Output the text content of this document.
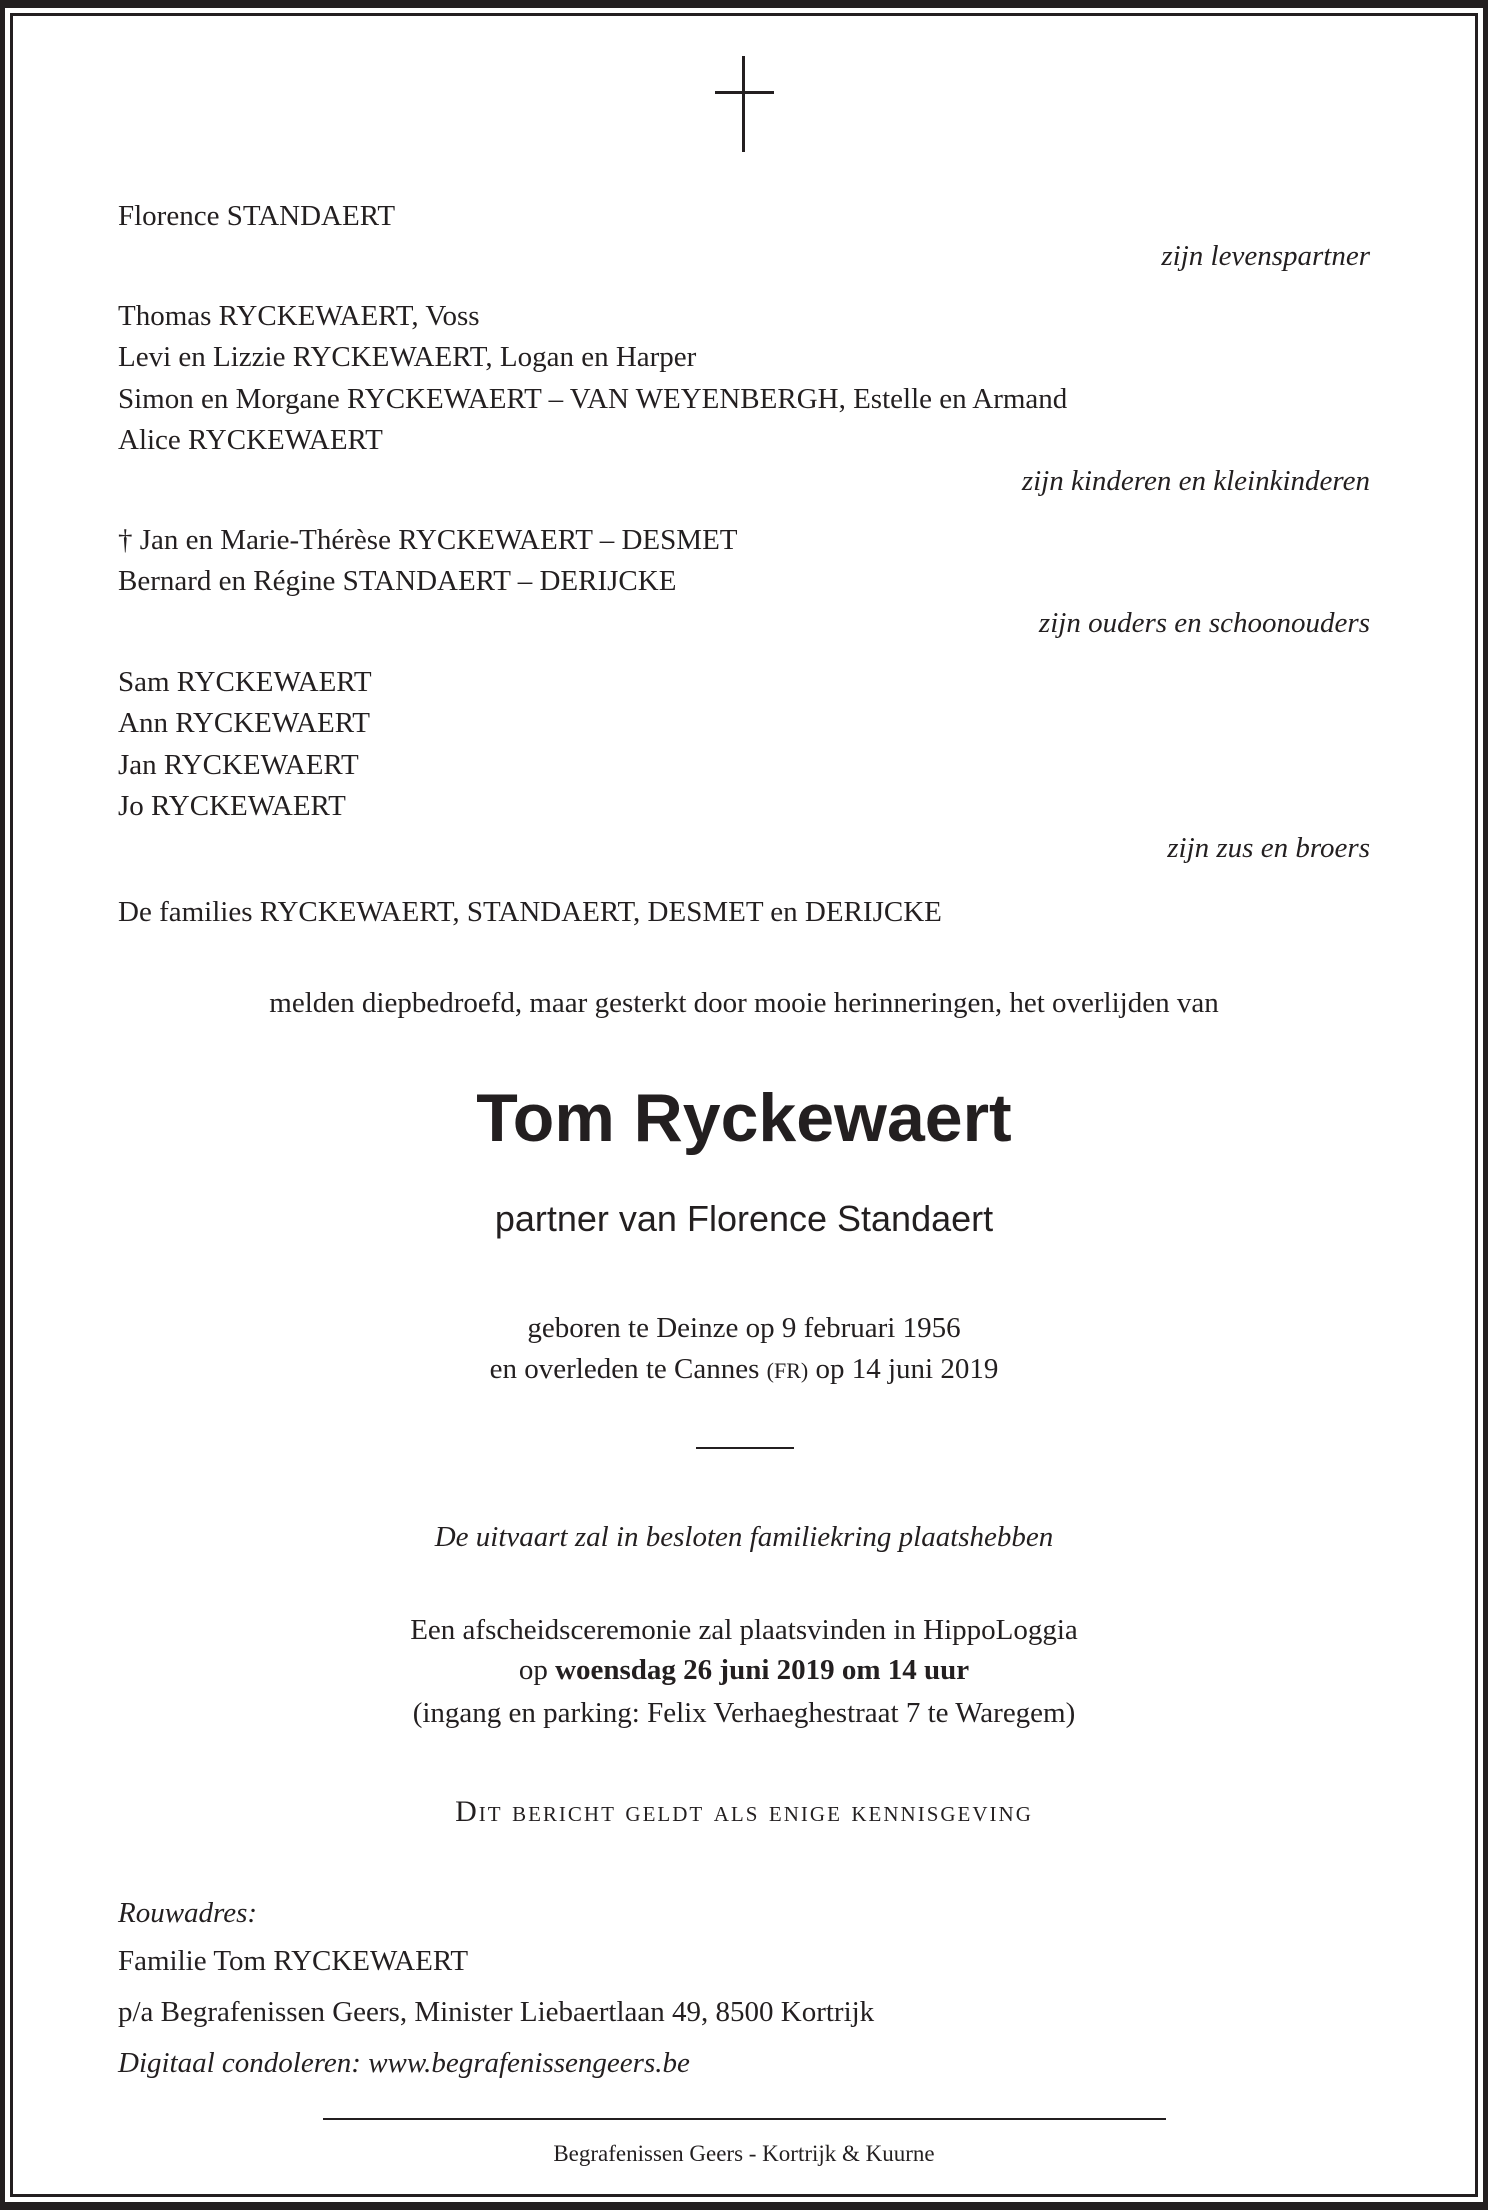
Florence STANDAERT
zijn levenspartner
Thomas RYCKEWAERT, Voss
Levi en Lizzie RYCKEWAERT, Logan en Harper
Simon en Morgane RYCKEWAERT – VAN WEYENBERGH, Estelle en Armand
Alice RYCKEWAERT
zijn kinderen en kleinkinderen
† Jan en Marie-Thérèse RYCKEWAERT – DESMET
Bernard en Régine STANDAERT – DERIJCKE
zijn ouders en schoonouders
Sam RYCKEWAERT
Ann RYCKEWAERT
Jan RYCKEWAERT
Jo RYCKEWAERT
zijn zus en broers
De families RYCKEWAERT, STANDAERT, DESMET en DERIJCKE
melden diepbedroefd, maar gesterkt door mooie herinneringen, het overlijden van
Tom Ryckewaert
partner van Florence Standaert
geboren te Deinze op 9 februari 1956
en overleden te Cannes (FR) op 14 juni 2019
De uitvaart zal in besloten familiekring plaatshebben
Een afscheidsceremonie zal plaatsvinden in HippoLoggia
op woensdag 26 juni 2019 om 14 uur
(ingang en parking: Felix Verhaeghestraat 7 te Waregem)
Dit bericht geldt als enige kennisgeving
Rouwadres:
Familie Tom RYCKEWAERT
p/a Begrafenissen Geers, Minister Liebaertlaan 49, 8500 Kortrijk
Digitaal condoleren: www.begrafenissengeers.be
Begrafenissen Geers - Kortrijk & Kuurne
